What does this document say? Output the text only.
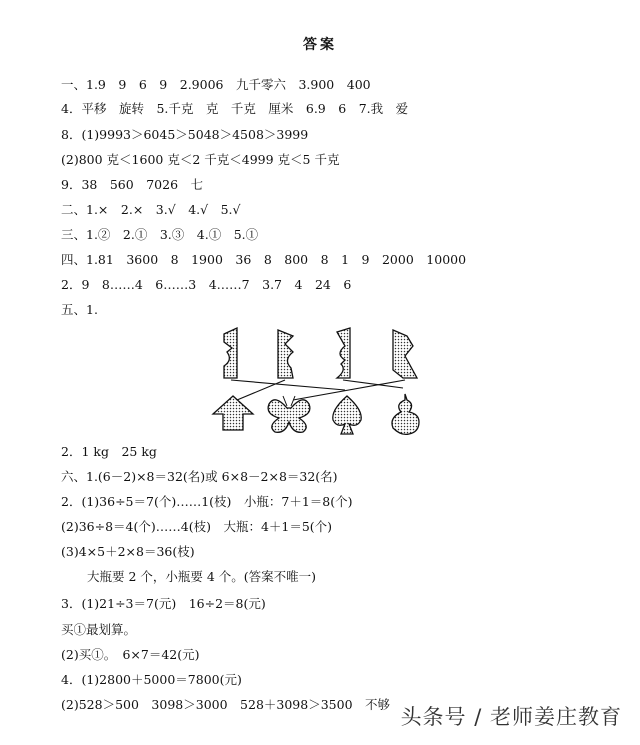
答案
一、1.9　9　6　9　2.9006　九千零六　3.900　400
4．平移　旋转　5.千克　克　千克　厘米　6.9　6　7.我　爱
8．(1)9993＞6045＞5048＞4508＞3999
(2)800 克＜1600 克＜2 千克＜4999 克＜5 千克
9．38　560　7026　七
二、1.×　2.×　3.√　4.√　5.√
三、1.②　2.①　3.③　4.①　5.①
四、1.81　3600　8　1900　36　8　800　8　1　9　2000　10000
2．9　8……4　6……3　4……7　3.7　4　24　6
五、1.
2．1 kg　25 kg
六、1.(6－2)×8＝32(名)或 6×8－2×8＝32(名)
2．(1)36÷5＝7(个)……1(枝)　小瓶：7＋1＝8(个)
(2)36÷8＝4(个)……4(枝)　大瓶：4＋1＝5(个)
(3)4×5＋2×8＝36(枝)
大瓶要 2 个，小瓶要 4 个。(答案不唯一)
3．(1)21÷3＝7(元)　16÷2＝8(元)
买①最划算。
(2)买①。　6×7＝42(元)
4．(1)2800＋5000＝7800(元)
(2)528＞500　3098＞3000　528＋3098＞3500　不够
头条号 / 老师姜庄教育
